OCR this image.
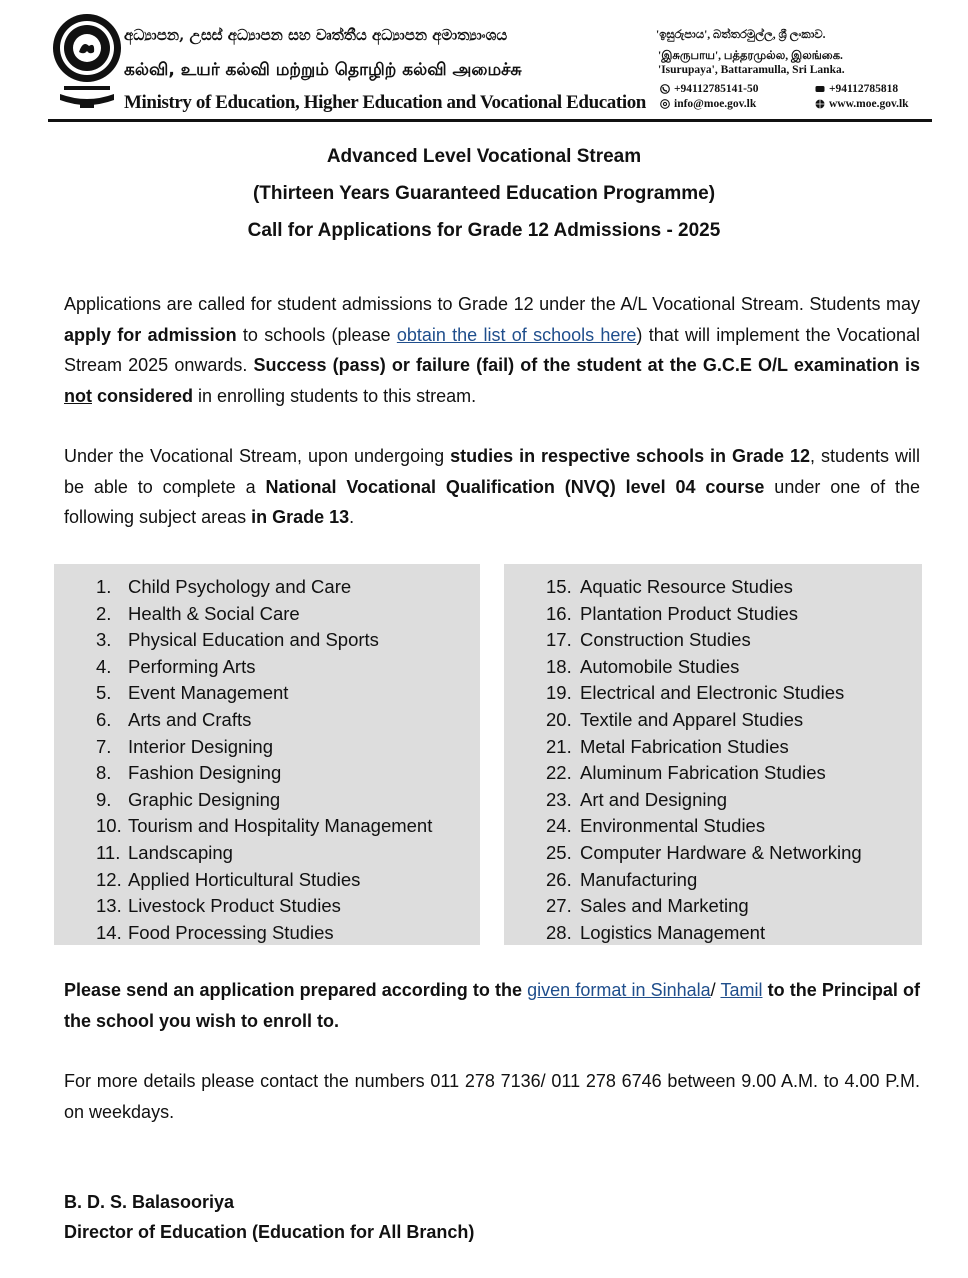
අධ්‍යාපන, උසස් අධ්‍යාපන සහ වෘත්තීය අධ්‍යාපන අමාත්‍යාංශය	'ඉසුරුපාය', බත්තරමුල්ල, ශ්‍රී ලංකාව.
கல்வி, உயர் கல்வி மற்றும் தொழிற் கல்வி அமைச்சு
'இசுருபாய', பத்தரமுல்ல, இலங்கை.
'Isurupaya', Battaramulla, Sri Lanka.
Ministry of Education, Higher Education and Vocational Education
+94112785141-50	+94112785818
info@moe.gov.lk	www.moe.gov.lk
Advanced Level Vocational Stream
(Thirteen Years Guaranteed Education Programme)
Call for Applications for Grade 12 Admissions - 2025
Applications are called for student admissions to Grade 12 under the A/L Vocational Stream. Students may apply for admission to schools (please obtain the list of schools here) that will implement the Vocational Stream 2025 onwards. Success (pass) or failure (fail) of the student at the G.C.E O/L examination is not considered in enrolling students to this stream.
Under the Vocational Stream, upon undergoing studies in respective schools in Grade 12, students will be able to complete a National Vocational Qualification (NVQ) level 04 course under one of the following subject areas in Grade 13.
1. Child Psychology and Care
2. Health & Social Care
3. Physical Education and Sports
4. Performing Arts
5. Event Management
6. Arts and Crafts
7. Interior Designing
8. Fashion Designing
9. Graphic Designing
10. Tourism and Hospitality Management
11. Landscaping
12. Applied Horticultural Studies
13. Livestock Product Studies
14. Food Processing Studies
15. Aquatic Resource Studies
16. Plantation Product Studies
17. Construction Studies
18. Automobile Studies
19. Electrical and Electronic Studies
20. Textile and Apparel Studies
21. Metal Fabrication Studies
22. Aluminum Fabrication Studies
23. Art and Designing
24. Environmental Studies
25. Computer Hardware & Networking
26. Manufacturing
27. Sales and Marketing
28. Logistics Management
Please send an application prepared according to the given format in Sinhala/ Tamil to the Principal of the school you wish to enroll to.
For more details please contact the numbers 011 278 7136/ 011 278 6746 between 9.00 A.M. to 4.00 P.M. on weekdays.
B. D. S. Balasooriya
Director of Education (Education for All Branch)
